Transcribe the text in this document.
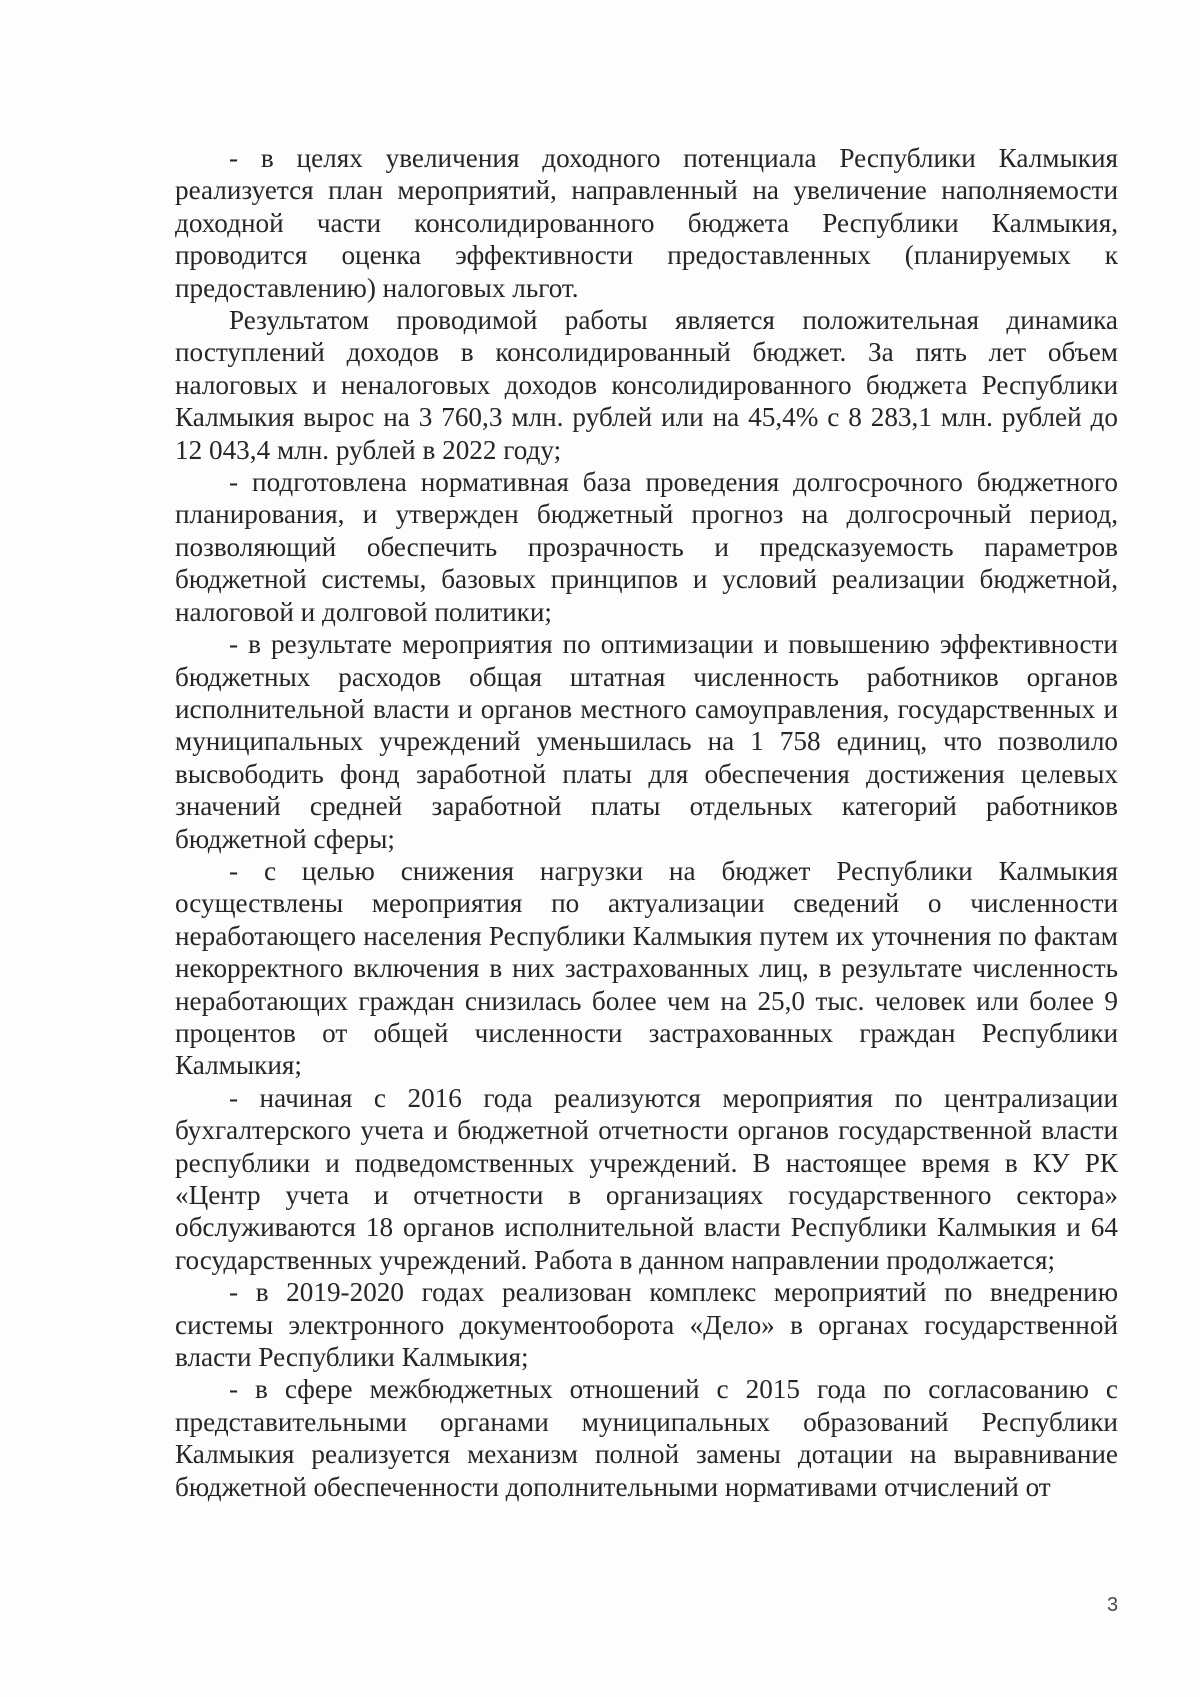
- в целях увеличения доходного потенциала Республики Калмыкия реализуется план мероприятий, направленный на увеличение наполняемости доходной части консолидированного бюджета Республики Калмыкия, проводится оценка эффективности предоставленных (планируемых к предоставлению) налоговых льгот.

Результатом проводимой работы является положительная динамика поступлений доходов в консолидированный бюджет. За пять лет объем налоговых и неналоговых доходов консолидированного бюджета Республики Калмыкия вырос на 3 760,3 млн. рублей или на 45,4% с 8 283,1 млн. рублей до 12 043,4 млн. рублей в 2022 году;

- подготовлена нормативная база проведения долгосрочного бюджетного планирования, и утвержден бюджетный прогноз на долгосрочный период, позволяющий обеспечить прозрачность и предсказуемость параметров бюджетной системы, базовых принципов и условий реализации бюджетной, налоговой и долговой политики;

- в результате мероприятия по оптимизации и повышению эффективности бюджетных расходов общая штатная численность работников органов исполнительной власти и органов местного самоуправления, государственных и муниципальных учреждений уменьшилась на 1 758 единиц, что позволило высвободить фонд заработной платы для обеспечения достижения целевых значений средней заработной платы отдельных категорий работников бюджетной сферы;

- с целью снижения нагрузки на бюджет Республики Калмыкия осуществлены мероприятия по актуализации сведений о численности неработающего населения Республики Калмыкия путем их уточнения по фактам некорректного включения в них застрахованных лиц, в результате численность неработающих граждан снизилась более чем на 25,0 тыс. человек или более 9 процентов от общей численности застрахованных граждан Республики Калмыкия;

- начиная с 2016 года реализуются мероприятия по централизации бухгалтерского учета и бюджетной отчетности органов государственной власти республики и подведомственных учреждений. В настоящее время в КУ РК «Центр учета и отчетности в организациях государственного сектора» обслуживаются 18 органов исполнительной власти Республики Калмыкия и 64 государственных учреждений. Работа в данном направлении продолжается;

- в 2019-2020 годах реализован комплекс мероприятий по внедрению системы электронного документооборота «Дело» в органах государственной власти Республики Калмыкия;

- в сфере межбюджетных отношений с 2015 года по согласованию с представительными органами муниципальных образований Республики Калмыкия реализуется механизм полной замены дотации на выравнивание бюджетной обеспеченности дополнительными нормативами отчислений от

3
